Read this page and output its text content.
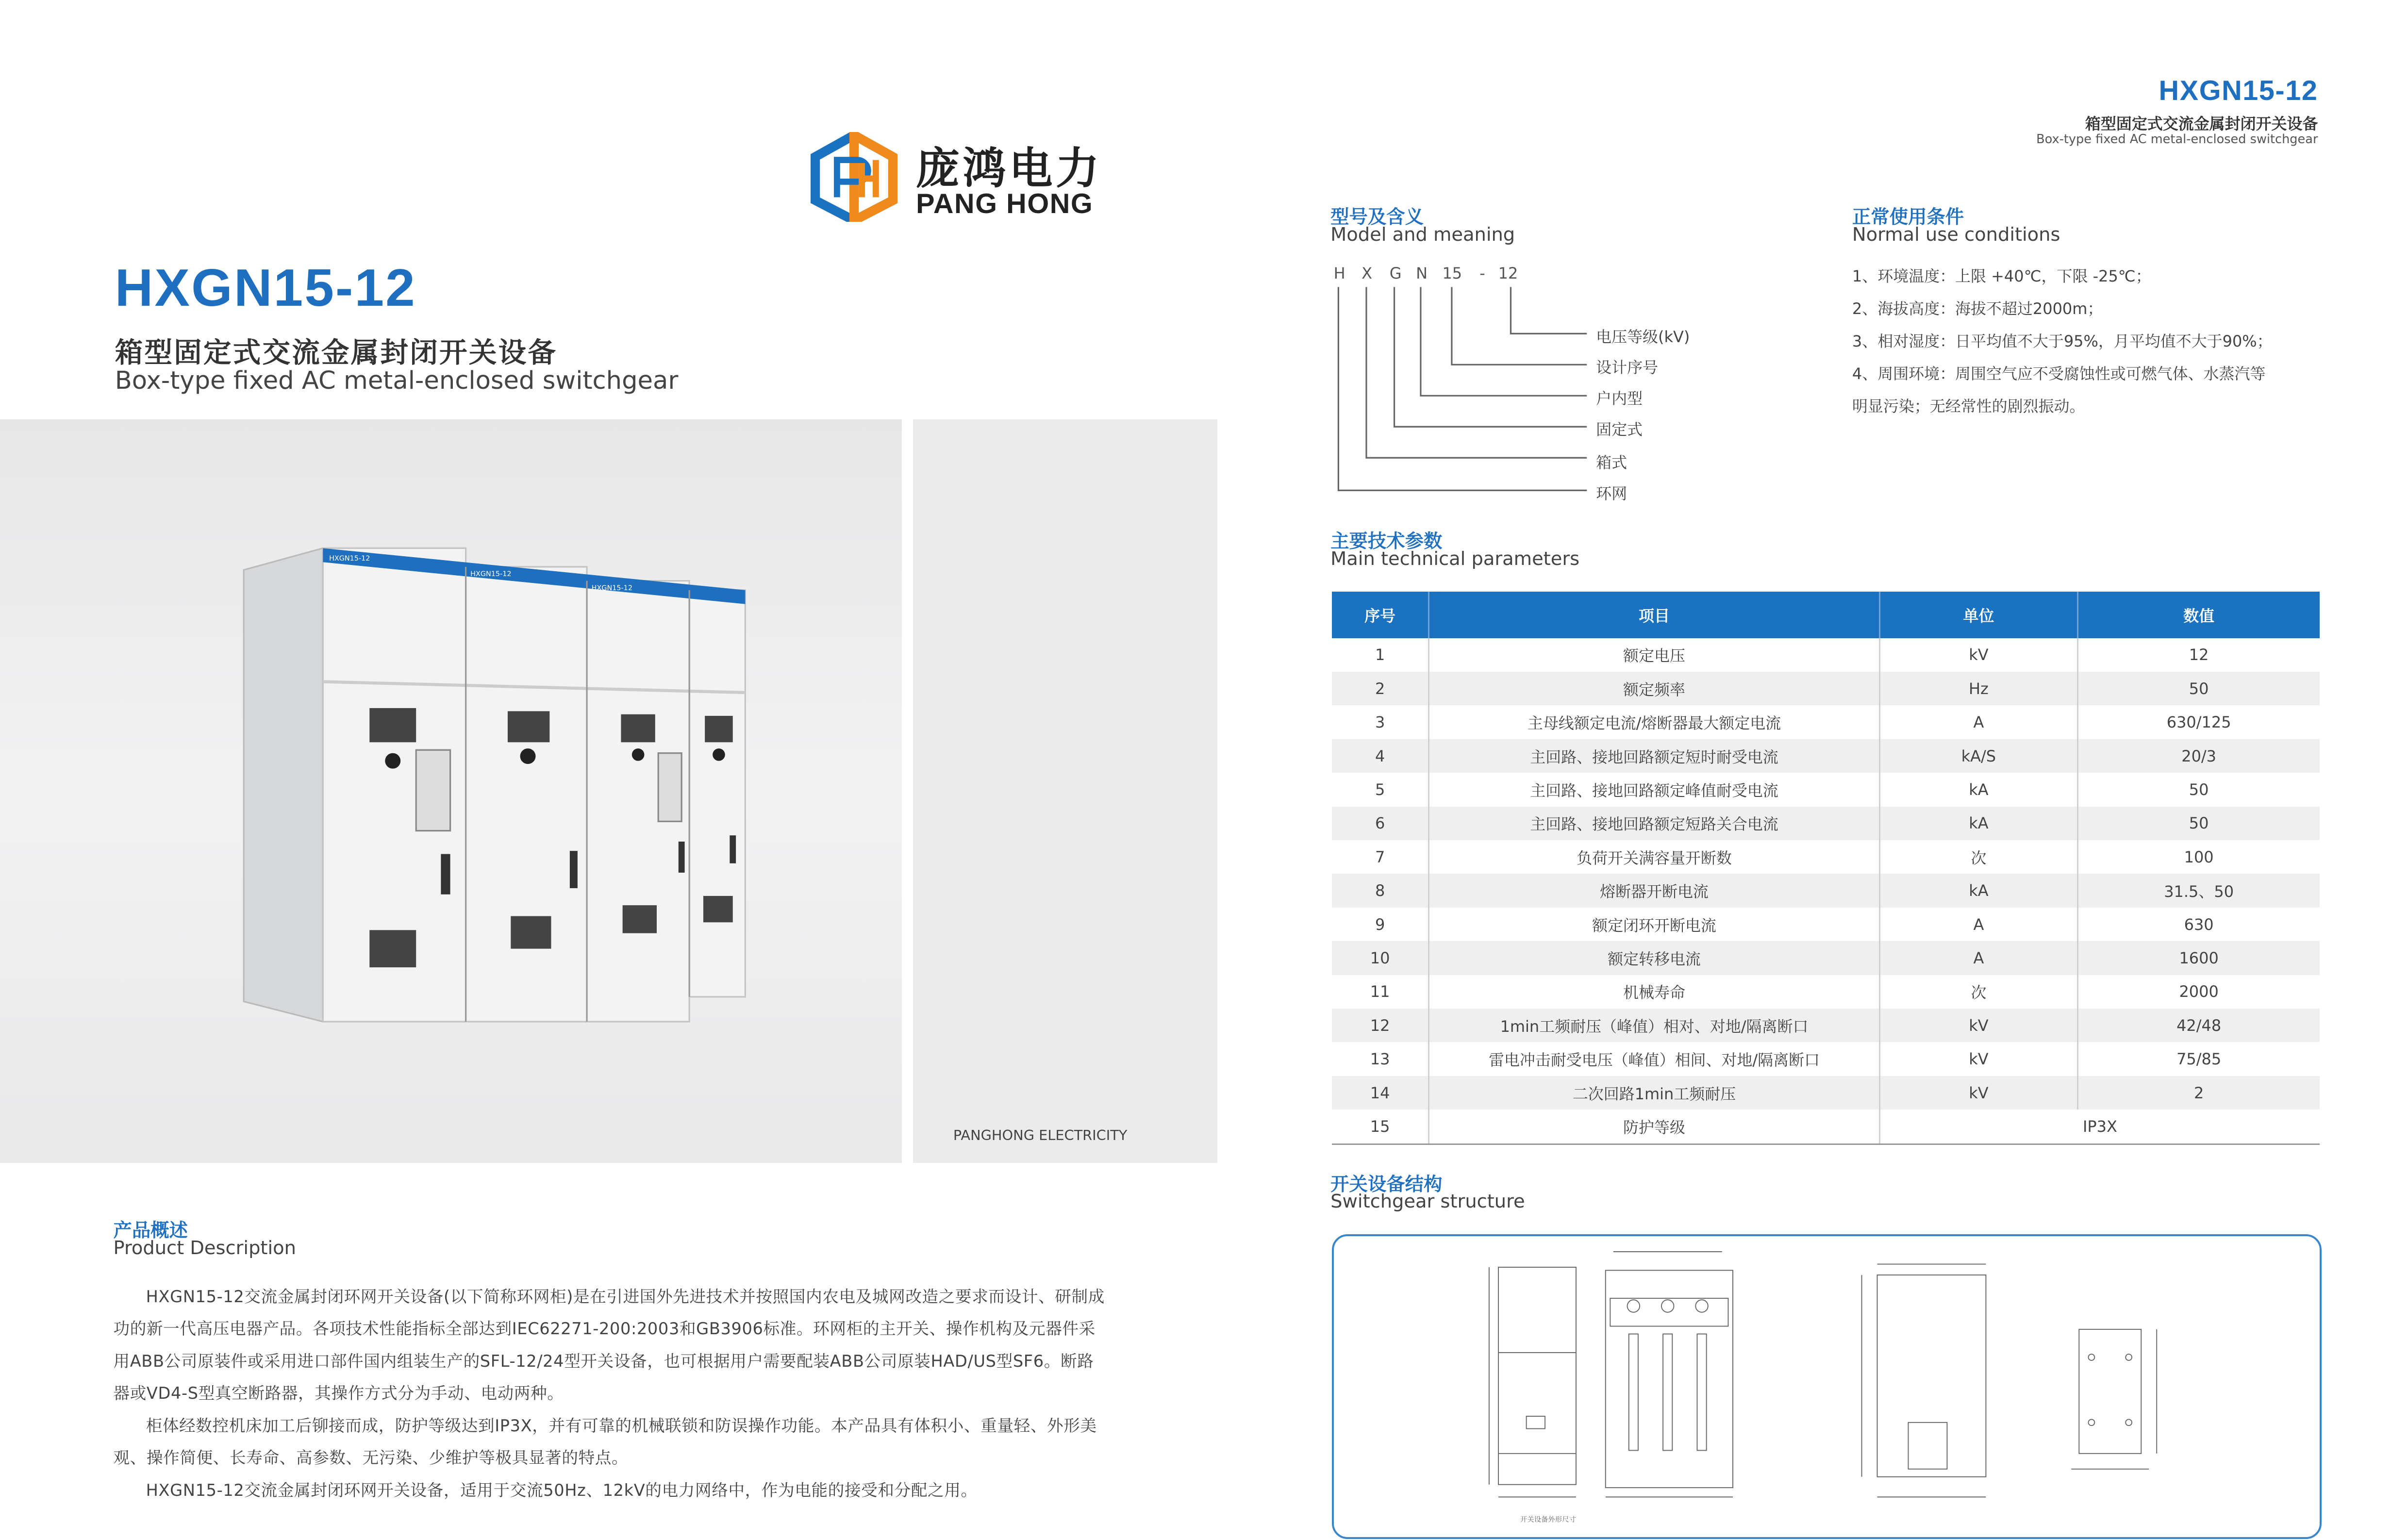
HXGN15-12
箱型固定式交流金属封闭开关设备
Box-type fixed AC metal-enclosed switchgear
庞鸿电力
PANG HONG
HXGN15-12
箱型固定式交流金属封闭开关设备
Box-type fixed AC metal-enclosed switchgear
HXGN15-12
HXGN15-12
HXGN15-12
PANGHONG ELECTRICITY
型号及含义
Model and meaning
H	X	G	N	15	-	12
电压等级(kV)
设计序号
户内型
固定式
箱式
环网
正常使用条件
Normal use conditions
1、环境温度：上限 +40℃，下限 -25℃；
2、海拔高度：海拔不超过2000m；
3、相对湿度：日平均值不大于95%，月平均值不大于90%；
4、周围环境：周围空气应不受腐蚀性或可燃气体、水蒸汽等
明显污染；无经常性的剧烈振动。
主要技术参数
Main technical parameters
序号	项目	单位	数值
1	额定电压	kV	12
2	额定频率	Hz	50
3	主母线额定电流/熔断器最大额定电流	A	630/125
4	主回路、接地回路额定短时耐受电流	kA/S	20/3
5	主回路、接地回路额定峰值耐受电流	kA	50
6	主回路、接地回路额定短路关合电流	kA	50
7	负荷开关满容量开断数	次	100
8	熔断器开断电流	kA	31.5、50
9	额定闭环开断电流	A	630
10	额定转移电流	A	1600
11	机械寿命	次	2000
12	1min工频耐压（峰值）相对、对地/隔离断口	kV	42/48
13	雷电冲击耐受电压（峰值）相间、对地/隔离断口	kV	75/85
14	二次回路1min工频耐压	kV	2
15	防护等级	IP3X	
开关设备结构
Switchgear structure
开关设备外形尺寸
产品概述
Product Description

HXGN15-12交流金属封闭环网开关设备(以下简称环网柜)是在引进国外先进技术并按照国内农电及城网改造之要求而设计、研制成功的新一代高压电器产品。各项技术性能指标全部达到IEC62271-200:2003和GB3906标准。环网柜的主开关、操作机构及元器件采用ABB公司原装件或采用进口部件国内组装生产的SFL-12/24型开关设备，也可根据用户需要配装ABB公司原装HAD/US型SF6。断路器或VD4-S型真空断路器，其操作方式分为手动、电动两种。

柜体经数控机床加工后铆接而成，防护等级达到IP3X，并有可靠的机械联锁和防误操作功能。本产品具有体积小、重量轻、外形美观、操作简便、长寿命、高参数、无污染、少维护等极具显著的特点。

HXGN15-12交流金属封闭环网开关设备，适用于交流50Hz、12kV的电力网络中，作为电能的接受和分配之用。
